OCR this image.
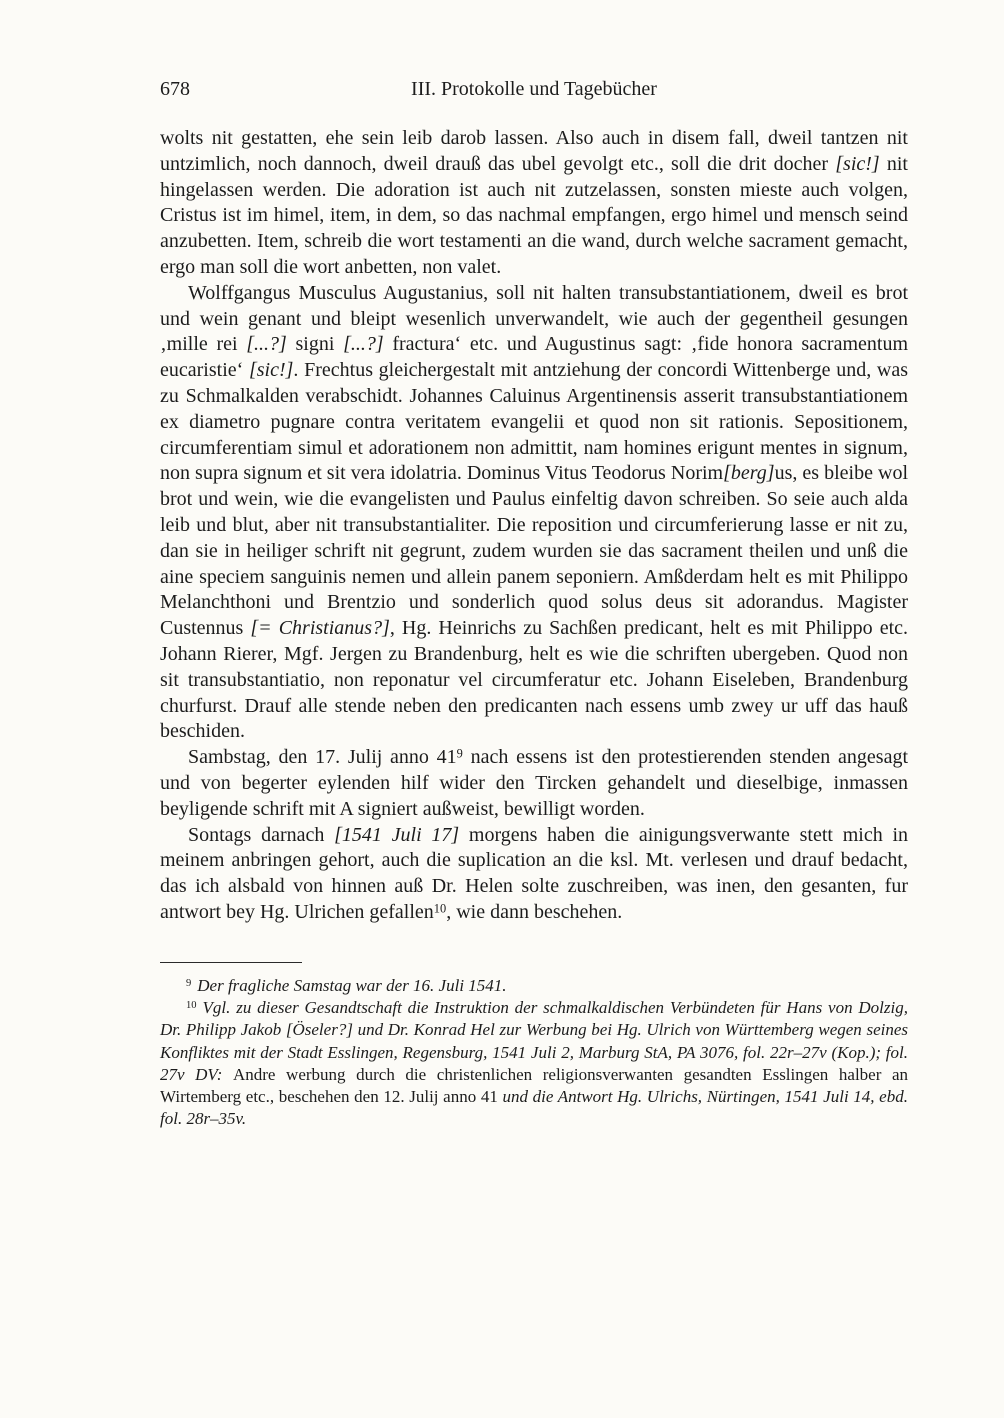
678	III. Protokolle und Tagebücher

wolts nit gestatten, ehe sein leib darob lassen. Also auch in disem fall, dweil tantzen nit untzimlich, noch dannoch, dweil drauß das ubel gevolgt etc., soll die drit docher [sic!] nit hingelassen werden. Die adoration ist auch nit zutzelassen, sonsten mieste auch volgen, Cristus ist im himel, item, in dem, so das nachmal empfangen, ergo himel und mensch seind anzubetten. Item, schreib die wort testamenti an die wand, durch welche sacrament gemacht, ergo man soll die wort anbetten, non valet.

Wolffgangus Musculus Augustanius, soll nit halten transubstantiationem, dweil es brot und wein genant und bleipt wesenlich unverwandelt, wie auch der gegentheil gesungen ‚mille rei [...?] signi [...?] fractura‘ etc. und Augustinus sagt: ‚fide honora sacramentum eucaristie‘ [sic!]. Frechtus gleichergestalt mit antziehung der concordi Wittenberge und, was zu Schmalkalden verabschidt. Johannes Caluinus Argentinensis asserit transubstantiationem ex diametro pugnare contra veritatem evangelii et quod non sit rationis. Sepositionem, circumferentiam simul et adorationem non admittit, nam homines erigunt mentes in signum, non supra signum et sit vera idolatria. Dominus Vitus Teodorus Norim[berg]us, es bleibe wol brot und wein, wie die evangelisten und Paulus einfeltig davon schreiben. So seie auch alda leib und blut, aber nit transubstantialiter. Die reposition und circumferierung lasse er nit zu, dan sie in heiliger schrift nit gegrunt, zudem wurden sie das sacrament theilen und unß die aine speciem sanguinis nemen und allein panem seponiern. Amßderdam helt es mit Philippo Melanchthoni und Brentzio und sonderlich quod solus deus sit adorandus. Magister Custennus [= Christianus?], Hg. Heinrichs zu Sachßen predicant, helt es mit Philippo etc. Johann Rierer, Mgf. Jergen zu Brandenburg, helt es wie die schriften ubergeben. Quod non sit transubstantiatio, non reponatur vel circumferatur etc. Johann Eiseleben, Brandenburg churfurst. Drauf alle stende neben den predicanten nach essens umb zwey ur uff das hauß beschiden.

Sambstag, den 17. Julij anno $41^9$ nach essens ist den protestierenden stenden angesagt und von begerter eylenden hilf wider den Tircken gehandelt und dieselbige, inmassen beyligende schrift mit A signiert außweist, bewilligt worden.

Sontags darnach [1541 Juli 17] morgens haben die ainigungsverwante stett mich in meinem anbringen gehort, auch die suplication an die ksl. Mt. verlesen und drauf bedacht, das ich alsbald von hinnen auß Dr. Helen solte zuschreiben, was inen, den gesanten, fur antwort bey Hg. Ulrichen gefallen$^{10}$, wie dann beschehen.

$^9$ Der fragliche Samstag war der 16. Juli 1541.

$^{10}$ Vgl. zu dieser Gesandtschaft die Instruktion der schmalkaldischen Verbündeten für Hans von Dolzig, Dr. Philipp Jakob [Öseler?] und Dr. Konrad Hel zur Werbung bei Hg. Ulrich von Württemberg wegen seines Konfliktes mit der Stadt Esslingen, Regensburg, 1541 Juli 2, Marburg StA, PA 3076, fol. 22r–27v (Kop.); fol. 27v DV: Andre werbung durch die christenlichen religionsverwanten gesandten Esslingen halber an Wirtemberg etc., beschehen den 12. Julij anno 41 und die Antwort Hg. Ulrichs, Nürtingen, 1541 Juli 14, ebd. fol. 28r–35v.
